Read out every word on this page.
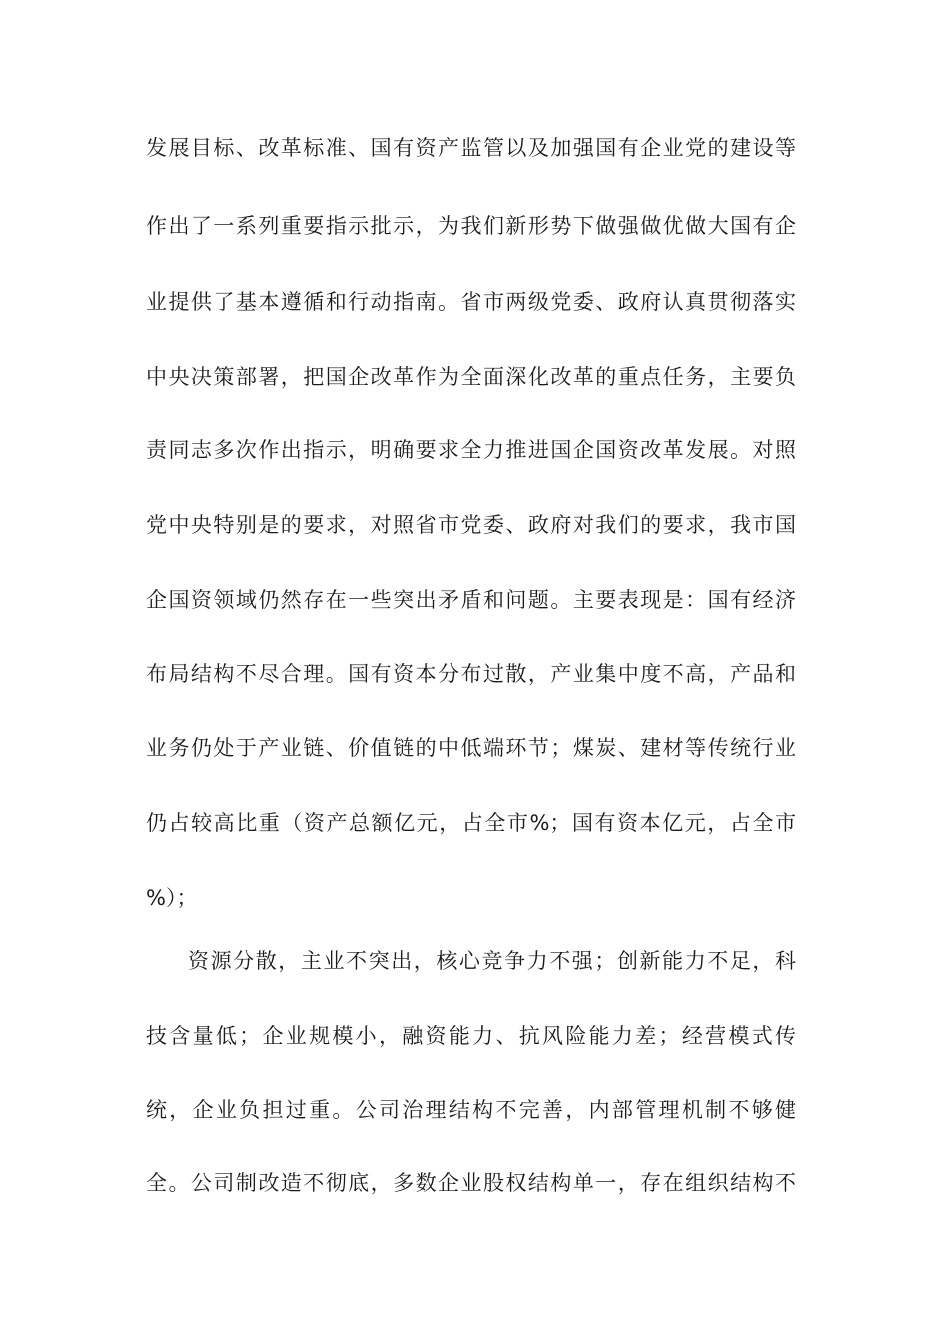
发展目标、改革标准、国有资产监管以及加强国有企业党的建设等
作出了一系列重要指示批示，为我们新形势下做强做优做大国有企
业提供了基本遵循和行动指南。省市两级党委、政府认真贯彻落实
中央决策部署，把国企改革作为全面深化改革的重点任务，主要负
责同志多次作出指示，明确要求全力推进国企国资改革发展。对照
党中央特别是的要求，对照省市党委、政府对我们的要求，我市国
企国资领域仍然存在一些突出矛盾和问题。主要表现是：国有经济
布局结构不尽合理。国有资本分布过散，产业集中度不高，产品和
业务仍处于产业链、价值链的中低端环节；煤炭、建材等传统行业
仍占较高比重（资产总额亿元，占全市%；国有资本亿元，占全市
%）；
资源分散，主业不突出，核心竞争力不强；创新能力不足，科
技含量低；企业规模小，融资能力、抗风险能力差；经营模式传
统，企业负担过重。公司治理结构不完善，内部管理机制不够健
全。公司制改造不彻底，多数企业股权结构单一，存在组织结构不
